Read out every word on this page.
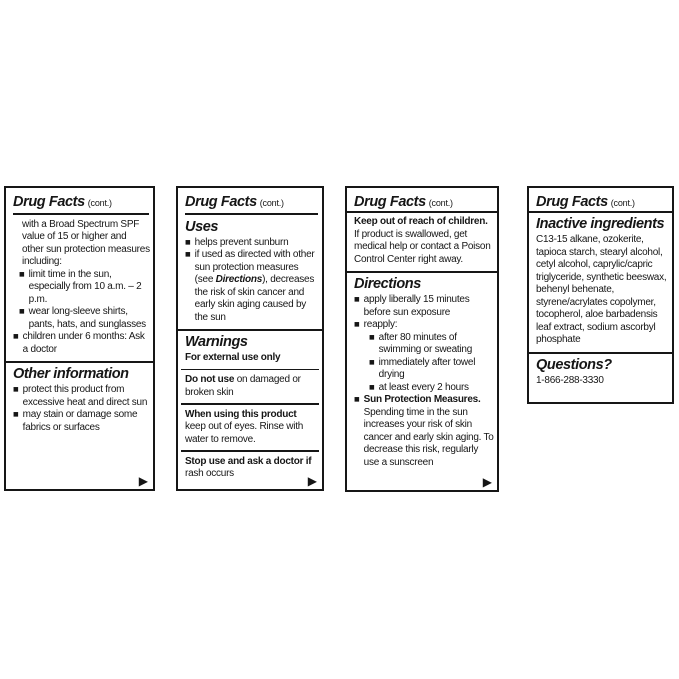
Drug Facts (cont.)
with a Broad Spectrum SPF value of 15 or higher and other sun protection measures including:
■ limit time in the sun, especially from 10 a.m. – 2 p.m.
■ wear long-sleeve shirts, pants, hats, and sunglasses
■ children under 6 months: Ask a doctor
Other information
■ protect this product from excessive heat and direct sun
■ may stain or damage some fabrics or surfaces
▶
Drug Facts (cont.)
Uses
■ helps prevent sunburn
■ if used as directed with other sun protection measures (see Directions), decreases the risk of skin cancer and early skin aging caused by the sun
Warnings
For external use only
Do not use on damaged or broken skin
When using this product keep out of eyes. Rinse with water to remove.
Stop use and ask a doctor if rash occurs	▶
Drug Facts (cont.)
Keep out of reach of children. If product is swallowed, get medical help or contact a Poison Control Center right away.
Directions
■ apply liberally 15 minutes before sun exposure
■ reapply:
■ after 80 minutes of swimming or sweating
■ immediately after towel drying
■ at least every 2 hours
■ Sun Protection Measures. Spending time in the sun increases your risk of skin cancer and early skin aging. To decrease this risk, regularly use a sunscreen
▶
Drug Facts (cont.)
Inactive ingredients
C13-15 alkane, ozokerite, tapioca starch, stearyl alcohol, cetyl alcohol, caprylic/capric triglyceride, synthetic beeswax, behenyl behenate, styrene/acrylates copolymer, tocopherol, aloe barbadensis leaf extract, sodium ascorbyl phosphate
Questions?
1-866-288-3330
